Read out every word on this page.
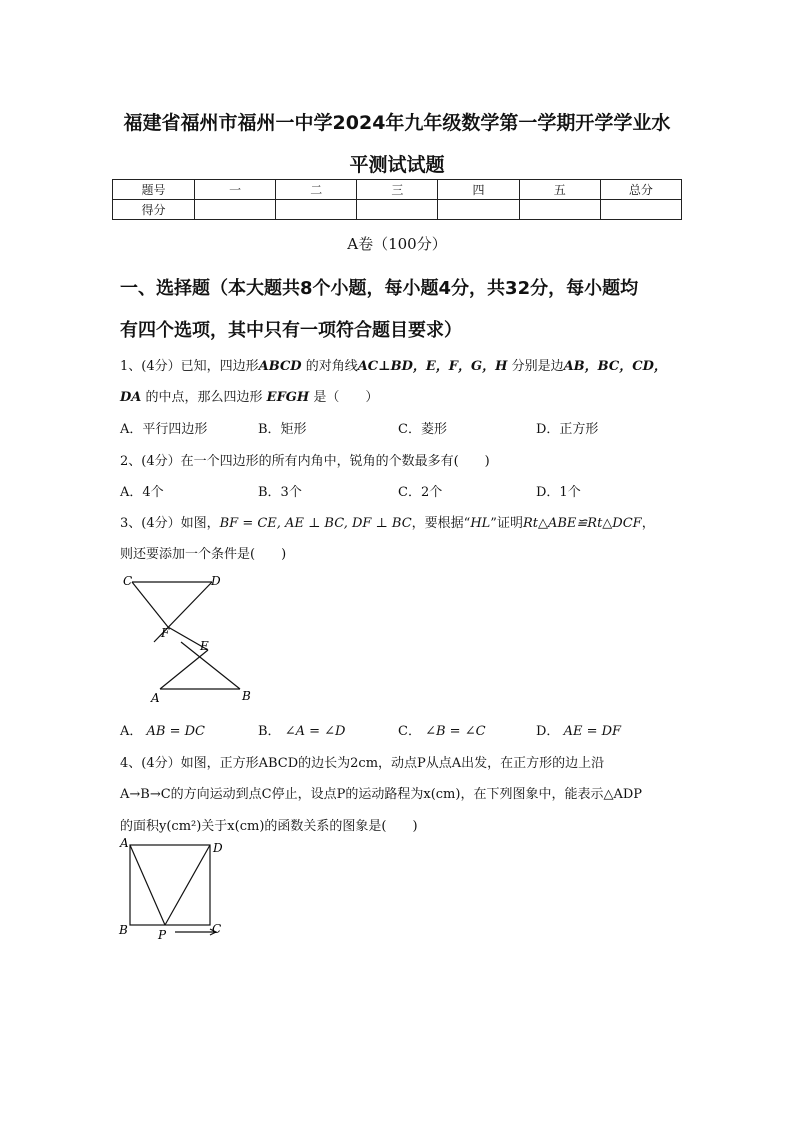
福建省福州市福州一中学2024年九年级数学第一学期开学学业水
平测试试题
题号	一	二	三	四	五	总分
得分						
A卷（100分）
一、选择题（本大题共8个小题，每小题4分，共32分，每小题均
有四个选项，其中只有一项符合题目要求）
1、(4分）已知，四边形ABCD 的对角线AC⊥BD，E，F，G，H 分别是边AB，BC，CD，
DA 的中点，那么四边形 EFGH 是（　　）
A．平行四边形	B．矩形	C．菱形	D．正方形
2、(4分）在一个四边形的所有内角中，锐角的个数最多有(　　)
A．4个	B．3个	C．2个	D．1个
3、(4分）如图，BF = CE, AE ⊥ BC, DF ⊥ BC，要根据“HL”证明Rt△ABE≌Rt△DCF，
则还要添加一个条件是(　　)
C	D
F
E
A	B
A． AB = DC	B． ∠A = ∠D	C． ∠B = ∠C	D． AE = DF
4、(4分）如图，正方形ABCD的边长为2cm，动点P从点A出发，在正方形的边上沿
A→B→C的方向运动到点C停止，设点P的运动路程为x(cm)，在下列图象中，能表示△ADP
的面积y(cm²)关于x(cm)的函数关系的图象是(　　)
A	D
B	P	C
